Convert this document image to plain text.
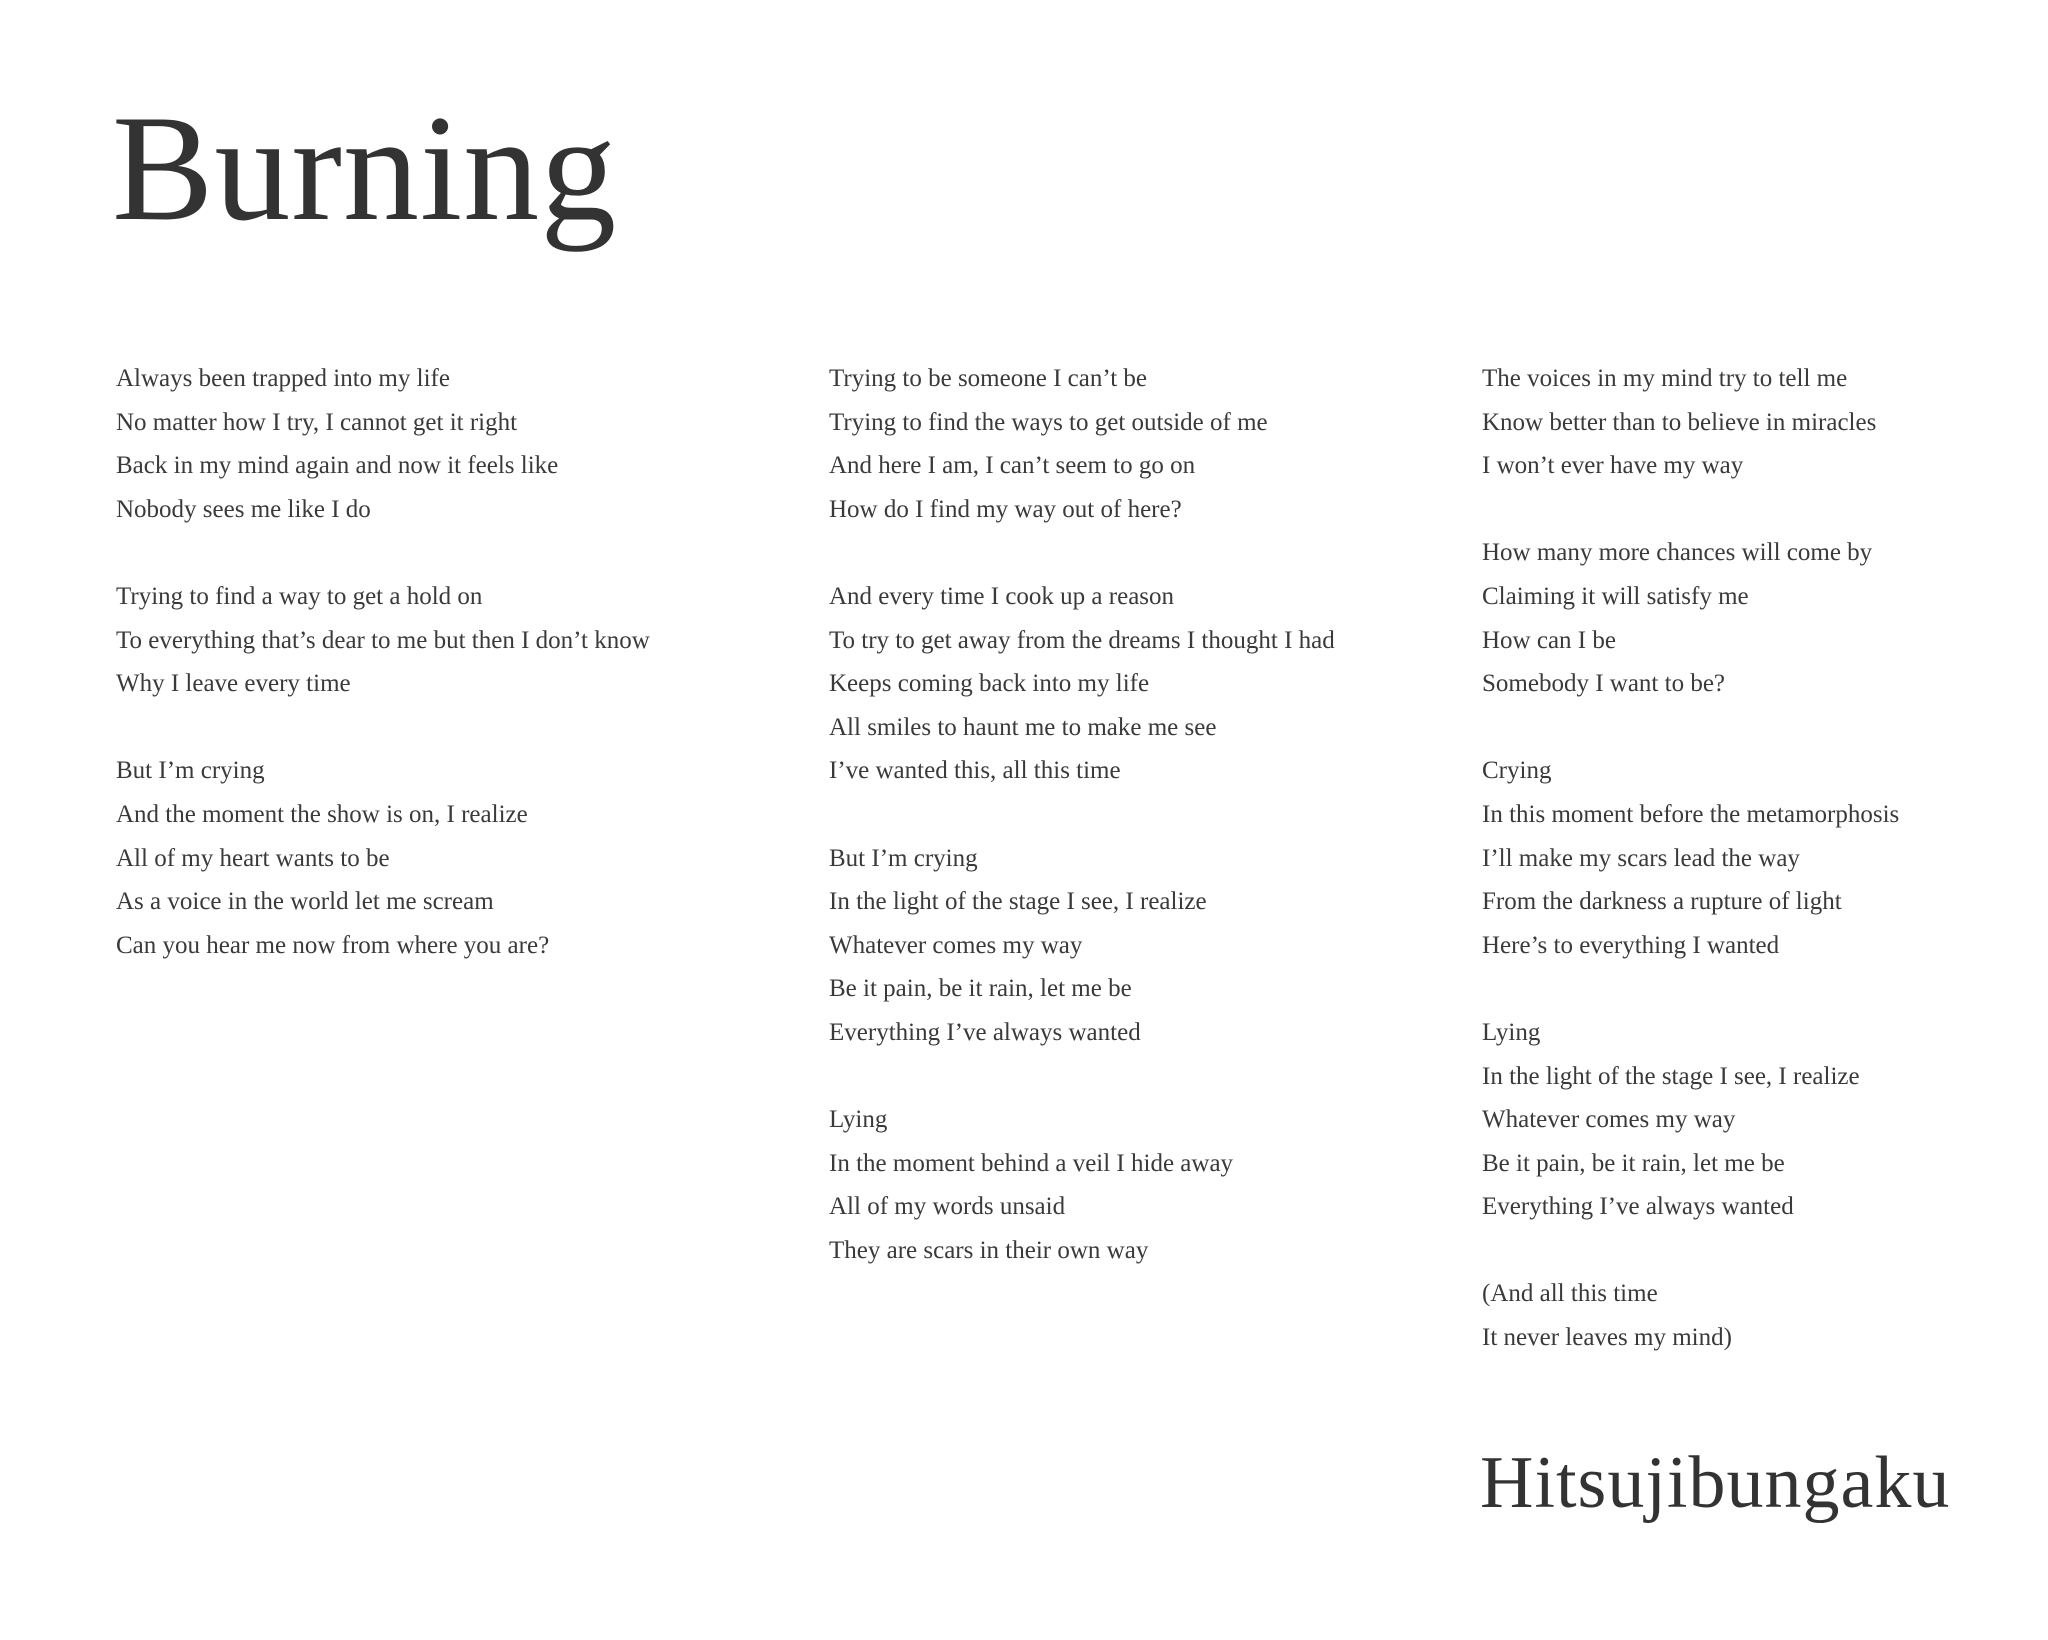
Burning
Always been trapped into my life
No matter how I try, I cannot get it right
Back in my mind again and now it feels like
Nobody sees me like I do
Trying to find a way to get a hold on
To everything that’s dear to me but then I don’t know
Why I leave every time
But I’m crying
And the moment the show is on, I realize
All of my heart wants to be
As a voice in the world let me scream
Can you hear me now from where you are?
Trying to be someone I can’t be
Trying to find the ways to get outside of me
And here I am, I can’t seem to go on
How do I find my way out of here?
And every time I cook up a reason
To try to get away from the dreams I thought I had
Keeps coming back into my life
All smiles to haunt me to make me see
I’ve wanted this, all this time
But I’m crying
In the light of the stage I see, I realize
Whatever comes my way
Be it pain, be it rain, let me be
Everything I’ve always wanted
Lying
In the moment behind a veil I hide away
All of my words unsaid
They are scars in their own way
The voices in my mind try to tell me
Know better than to believe in miracles
I won’t ever have my way
How many more chances will come by
Claiming it will satisfy me
How can I be
Somebody I want to be?
Crying
In this moment before the metamorphosis
I’ll make my scars lead the way
From the darkness a rupture of light
Here’s to everything I wanted
Lying
In the light of the stage I see, I realize
Whatever comes my way
Be it pain, be it rain, let me be
Everything I’ve always wanted
(And all this time
It never leaves my mind)
Hitsujibungaku
